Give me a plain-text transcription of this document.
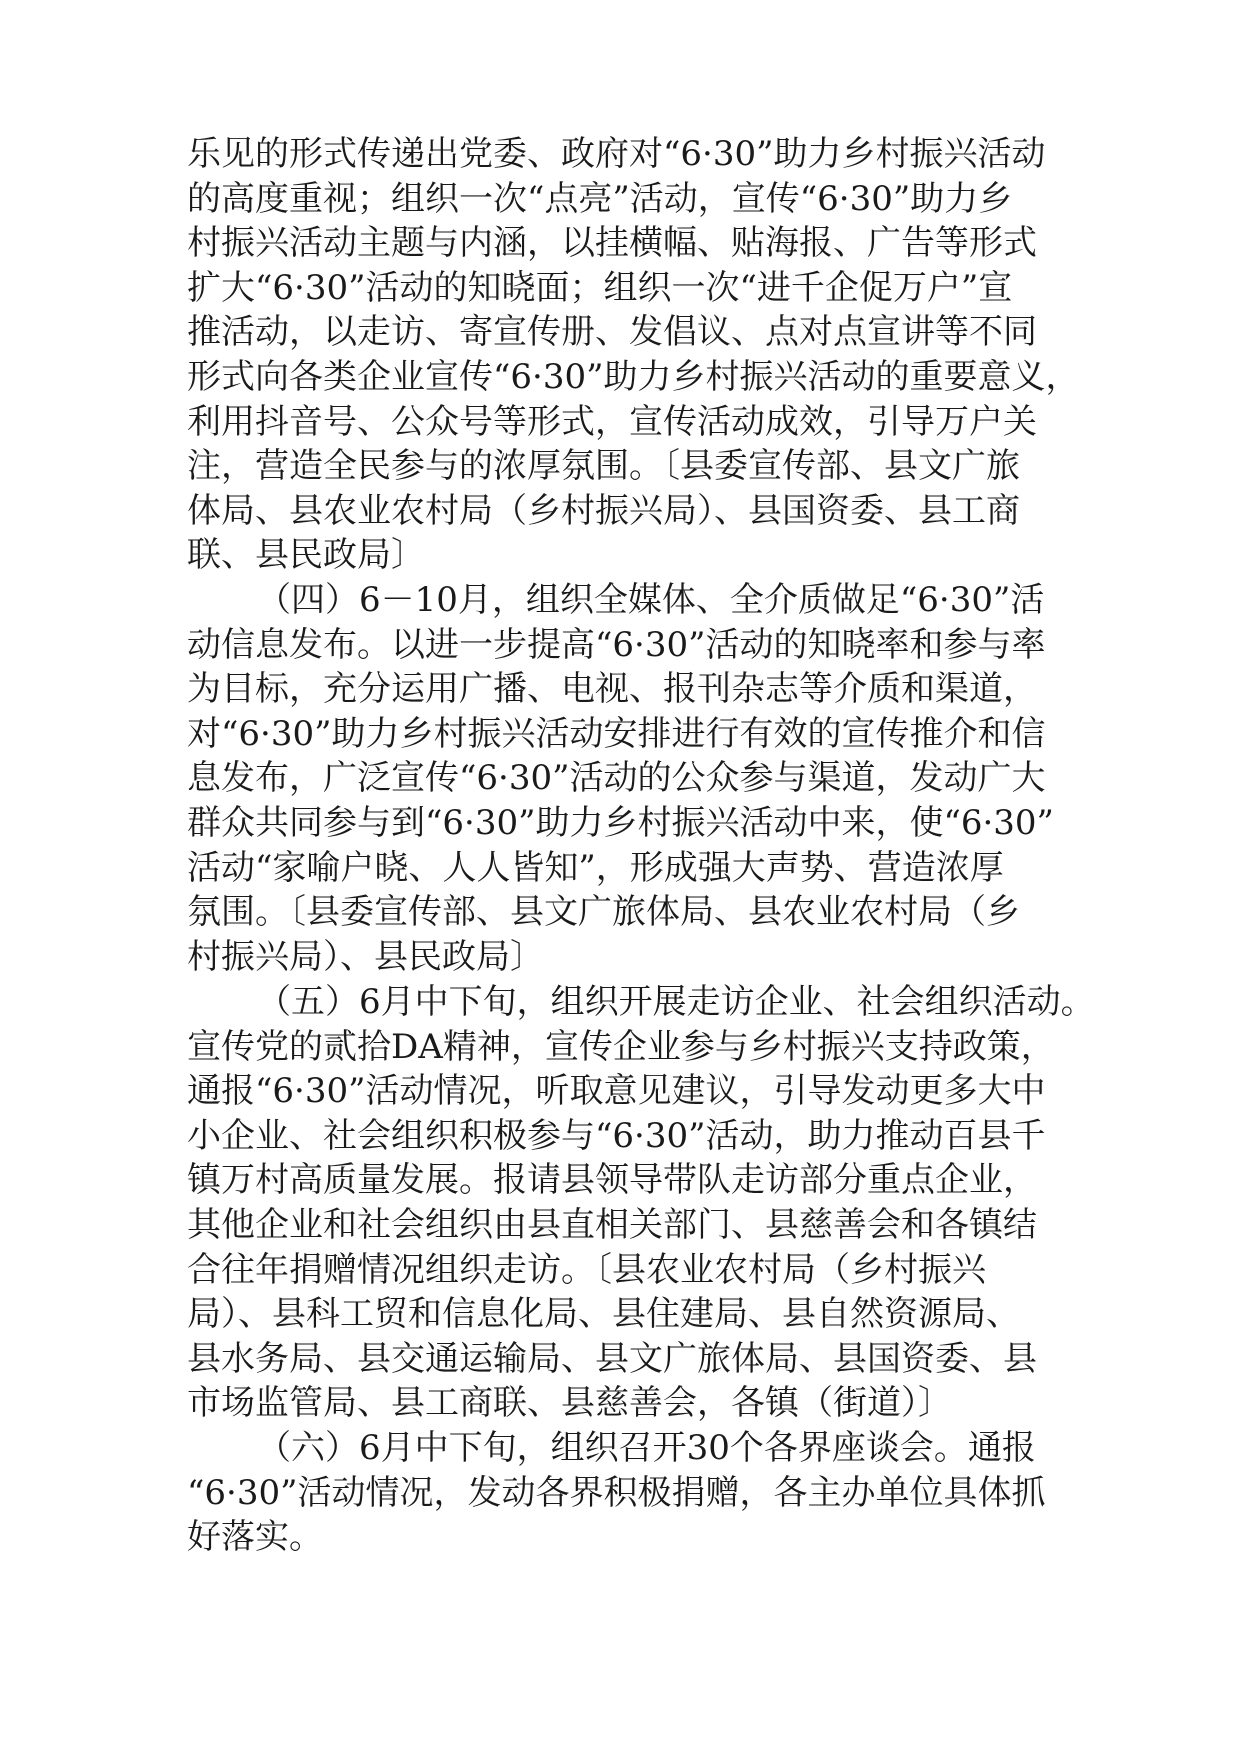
乐见的形式传递出党委、政府对“6·30”助力乡村振兴活动
的高度重视；组织一次“点亮”活动，宣传“6·30”助力乡
村振兴活动主题与内涵，以挂横幅、贴海报、广告等形式
扩大“6·30”活动的知晓面；组织一次“进千企促万户”宣
推活动，以走访、寄宣传册、发倡议、点对点宣讲等不同
形式向各类企业宣传“6·30”助力乡村振兴活动的重要意义，
利用抖音号、公众号等形式，宣传活动成效，引导万户关
注，营造全民参与的浓厚氛围。〔县委宣传部、县文广旅
体局、县农业农村局（乡村振兴局）、县国资委、县工商
联、县民政局〕
（四）6－10月，组织全媒体、全介质做足“6·30”活
动信息发布。以进一步提高“6·30”活动的知晓率和参与率
为目标，充分运用广播、电视、报刊杂志等介质和渠道，
对“6·30”助力乡村振兴活动安排进行有效的宣传推介和信
息发布，广泛宣传“6·30”活动的公众参与渠道，发动广大
群众共同参与到“6·30”助力乡村振兴活动中来，使“6·30”
活动“家喻户晓、人人皆知”，形成强大声势、营造浓厚
氛围。〔县委宣传部、县文广旅体局、县农业农村局（乡
村振兴局）、县民政局〕
（五）6月中下旬，组织开展走访企业、社会组织活动。
宣传党的贰拾DA精神，宣传企业参与乡村振兴支持政策，
通报“6·30”活动情况，听取意见建议，引导发动更多大中
小企业、社会组织积极参与“6·30”活动，助力推动百县千
镇万村高质量发展。报请县领导带队走访部分重点企业，
其他企业和社会组织由县直相关部门、县慈善会和各镇结
合往年捐赠情况组织走访。〔县农业农村局（乡村振兴
局）、县科工贸和信息化局、县住建局、县自然资源局、
县水务局、县交通运输局、县文广旅体局、县国资委、县
市场监管局、县工商联、县慈善会，各镇（街道）〕
（六）6月中下旬，组织召开30个各界座谈会。通报
“6·30”活动情况，发动各界积极捐赠，各主办单位具体抓
好落实。
